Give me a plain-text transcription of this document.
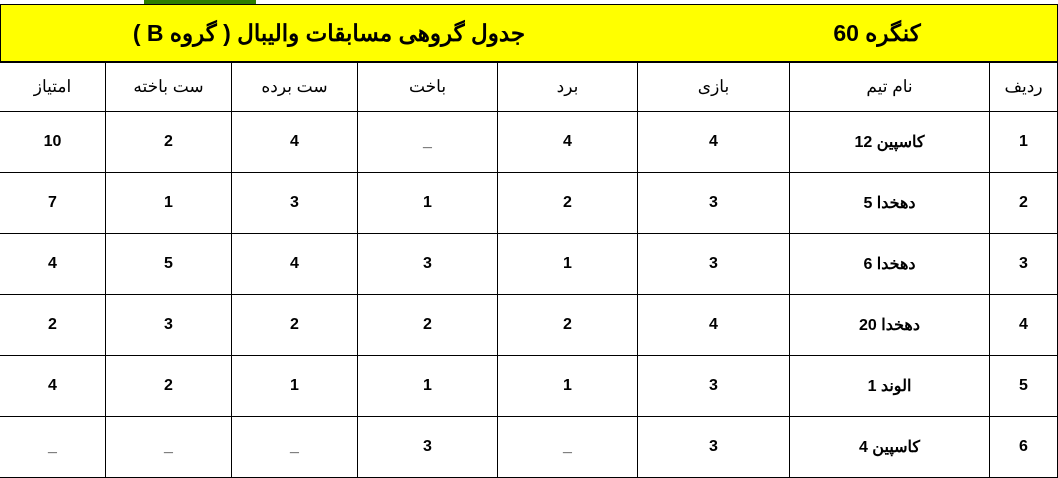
کنگره 60
جدول گروهی مسابقات والیبال ( گروه B )
ردیف	نام تیم	بازی	برد	باخت	ست برده	ست باخته	امتیاز
1	کاسپین 12	4	4	_	4	2	10
2	دهخدا 5	3	2	1	3	1	7
3	دهخدا 6	3	1	3	4	5	4
4	دهخدا 20	4	2	2	2	3	2
5	الوند 1	3	1	1	1	2	4
6	کاسپین 4	3	_	3	_	_	_
